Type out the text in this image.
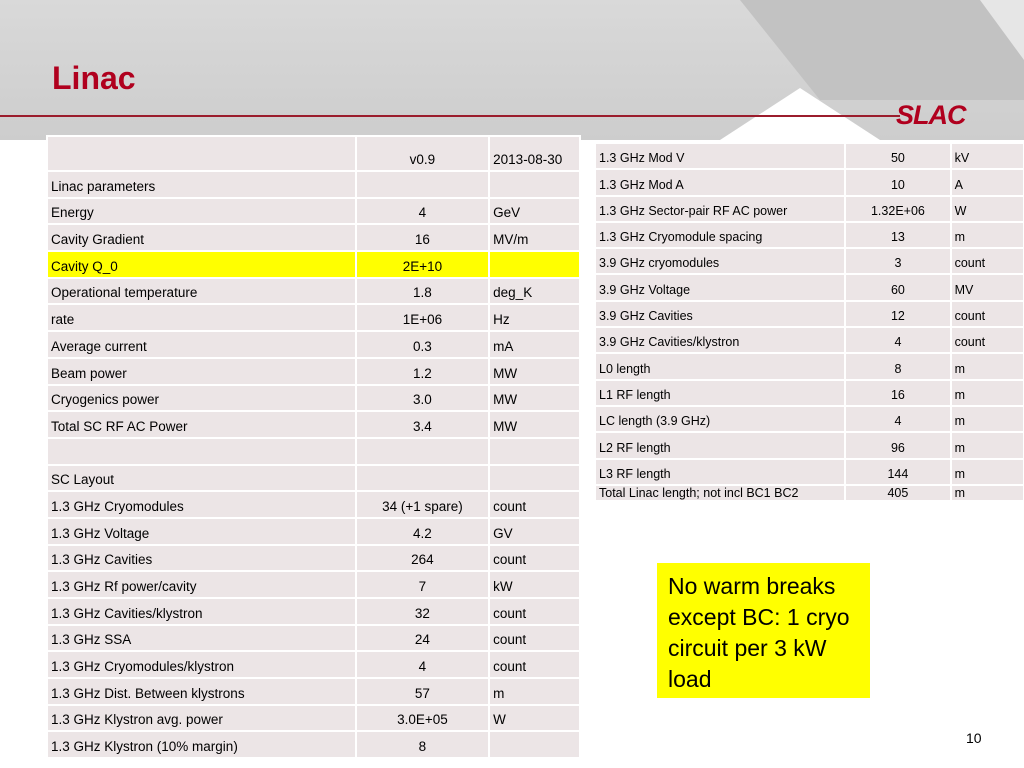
Linac
SLAC
	v0.9	2013-08-30
Linac parameters		
Energy	4	GeV
Cavity Gradient	16	MV/m
Cavity Q_0	2E+10	
Operational temperature	1.8	deg_K
rate	1E+06	Hz
Average current	0.3	mA
Beam power	1.2	MW
Cryogenics power	3.0	MW
Total SC RF AC Power	3.4	MW

SC Layout		
1.3 GHz Cryomodules	34 (+1 spare)	count
1.3 GHz Voltage	4.2	GV
1.3 GHz Cavities	264	count
1.3 GHz Rf power/cavity	7	kW
1.3 GHz Cavities/klystron	32	count
1.3 GHz SSA	24	count
1.3 GHz Cryomodules/klystron	4	count
1.3 GHz Dist. Between klystrons	57	m
1.3 GHz Klystron avg. power	3.0E+05	W
1.3 GHz Klystron (10% margin)	8	
1.3 GHz Mod V	50	kV
1.3 GHz Mod A	10	A
1.3 GHz Sector-pair RF AC power	1.32E+06	W
1.3 GHz Cryomodule spacing	13	m
3.9 GHz cryomodules	3	count
3.9 GHz Voltage	60	MV
3.9 GHz Cavities	12	count
3.9 GHz Cavities/klystron	4	count
L0 length	8	m
L1 RF length	16	m
LC length (3.9 GHz)	4	m
L2 RF length	96	m
L3 RF length	144	m
Total Linac length; not incl BC1 BC2	405	m
No warm breaks except BC: 1 cryo circuit per 3 kW load
10
